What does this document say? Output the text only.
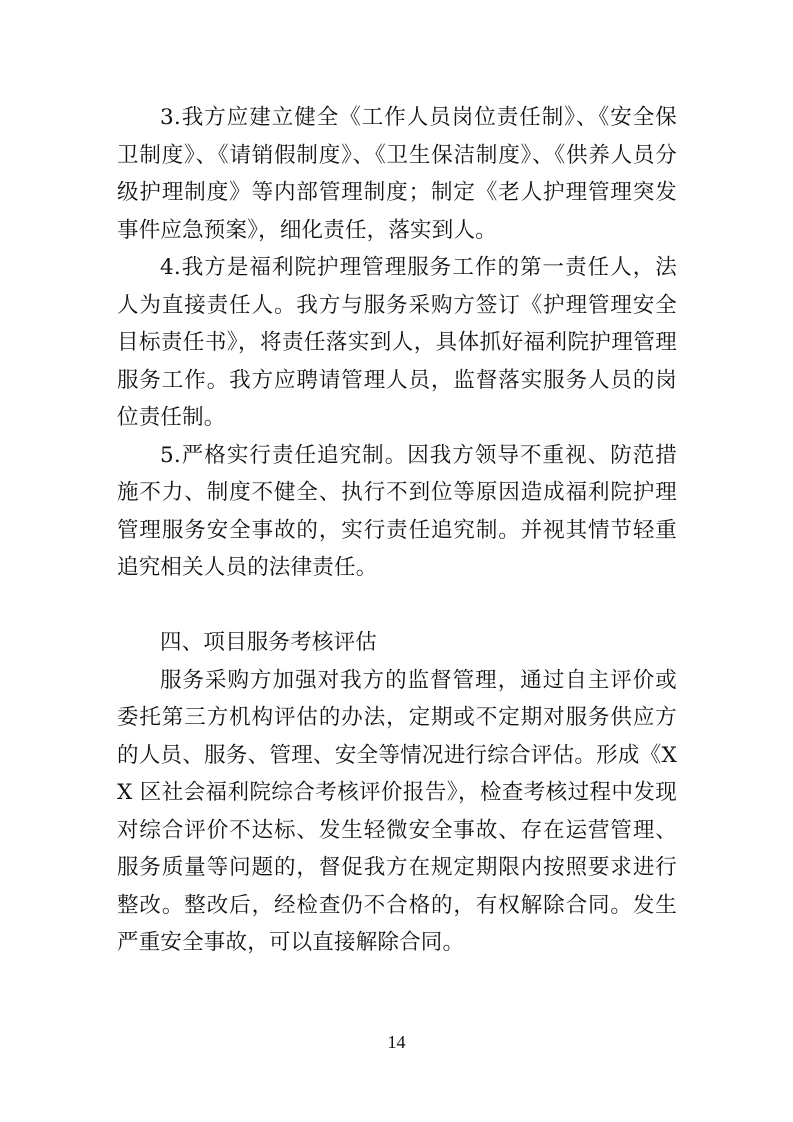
3.我方应建立健全《工作人员岗位责任制》、《安全保卫制度》、《请销假制度》、《卫生保洁制度》、《供养人员分级护理制度》等内部管理制度；制定《老人护理管理突发事件应急预案》，细化责任，落实到人。

4.我方是福利院护理管理服务工作的第一责任人，法人为直接责任人。我方与服务采购方签订《护理管理安全目标责任书》，将责任落实到人，具体抓好福利院护理管理服务工作。我方应聘请管理人员，监督落实服务人员的岗位责任制。

5.严格实行责任追究制。因我方领导不重视、防范措施不力、制度不健全、执行不到位等原因造成福利院护理管理服务安全事故的，实行责任追究制。并视其情节轻重追究相关人员的法律责任。

四、项目服务考核评估

服务采购方加强对我方的监督管理，通过自主评价或委托第三方机构评估的办法，定期或不定期对服务供应方的人员、服务、管理、安全等情况进行综合评估。形成《XX 区社会福利院综合考核评价报告》，检查考核过程中发现对综合评价不达标、发生轻微安全事故、存在运营管理、服务质量等问题的，督促我方在规定期限内按照要求进行整改。整改后，经检查仍不合格的，有权解除合同。发生严重安全事故，可以直接解除合同。

14
